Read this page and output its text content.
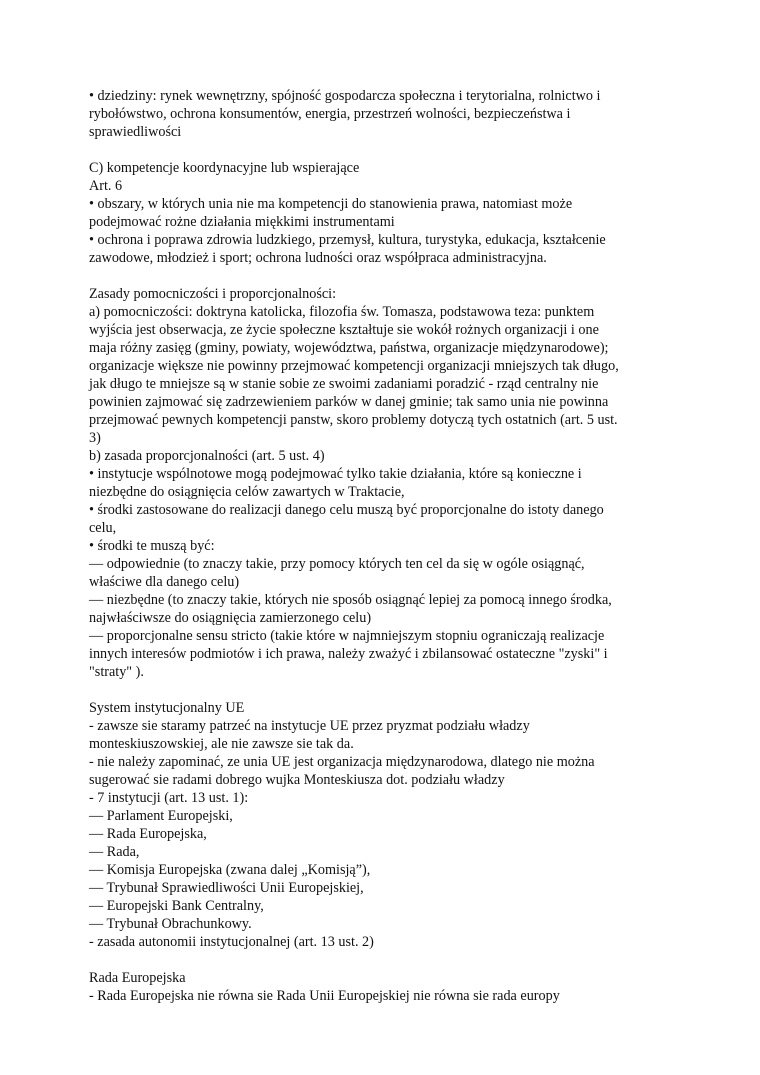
• dziedziny: rynek wewnętrzny, spójność gospodarcza społeczna i terytorialna, rolnictwo i
rybołówstwo, ochrona konsumentów, energia, przestrzeń wolności, bezpieczeństwa i
sprawiedliwości

C) kompetencje koordynacyjne lub wspierające
Art. 6
• obszary, w których unia nie ma kompetencji do stanowienia prawa, natomiast może
podejmować rożne działania miękkimi instrumentami
• ochrona i poprawa zdrowia ludzkiego, przemysł, kultura, turystyka, edukacja, kształcenie
zawodowe, młodzież i sport; ochrona ludności oraz współpraca administracyjna.

Zasady pomocniczości i proporcjonalności:
a) pomocniczości: doktryna katolicka, filozofia św. Tomasza, podstawowa teza: punktem
wyjścia jest obserwacja, ze życie społeczne kształtuje sie wokół rożnych organizacji i one
maja różny zasięg (gminy, powiaty, województwa, państwa, organizacje międzynarodowe);
organizacje większe nie powinny przejmować kompetencji organizacji mniejszych tak długo,
jak długo te mniejsze są w stanie sobie ze swoimi zadaniami poradzić - rząd centralny nie
powinien zajmować się zadrzewieniem parków w danej gminie; tak samo unia nie powinna
przejmować pewnych kompetencji panstw, skoro problemy dotyczą tych ostatnich (art. 5 ust.
3)
b) zasada proporcjonalności (art. 5 ust. 4)
• instytucje wspólnotowe mogą podejmować tylko takie działania, które są konieczne i
niezbędne do osiągnięcia celów zawartych w Traktacie,
• środki zastosowane do realizacji danego celu muszą być proporcjonalne do istoty danego
celu,
• środki te muszą być:
— odpowiednie (to znaczy takie, przy pomocy których ten cel da się w ogóle osiągnąć,
właściwe dla danego celu)
— niezbędne (to znaczy takie, których nie sposób osiągnąć lepiej za pomocą innego środka,
najwłaściwsze do osiągnięcia zamierzonego celu)
— proporcjonalne sensu stricto (takie które w najmniejszym stopniu ograniczają realizacje
innych interesów podmiotów i ich prawa, należy zważyć i zbilansować ostateczne "zyski" i
"straty" ).

System instytucjonalny UE
- zawsze sie staramy patrzeć na instytucje UE przez pryzmat podziału władzy
monteskiuszowskiej, ale nie zawsze sie tak da.
- nie należy zapominać, ze unia UE jest organizacja międzynarodowa, dlatego nie można
sugerować sie radami dobrego wujka Monteskiusza dot. podziału władzy
- 7 instytucji (art. 13 ust. 1):
— Parlament Europejski,
— Rada Europejska,
— Rada,
— Komisja Europejska (zwana dalej „Komisją”),
— Trybunał Sprawiedliwości Unii Europejskiej,
— Europejski Bank Centralny,
— Trybunał Obrachunkowy.
- zasada autonomii instytucjonalnej (art. 13 ust. 2)

Rada Europejska
- Rada Europejska nie równa sie Rada Unii Europejskiej nie równa sie rada europy
